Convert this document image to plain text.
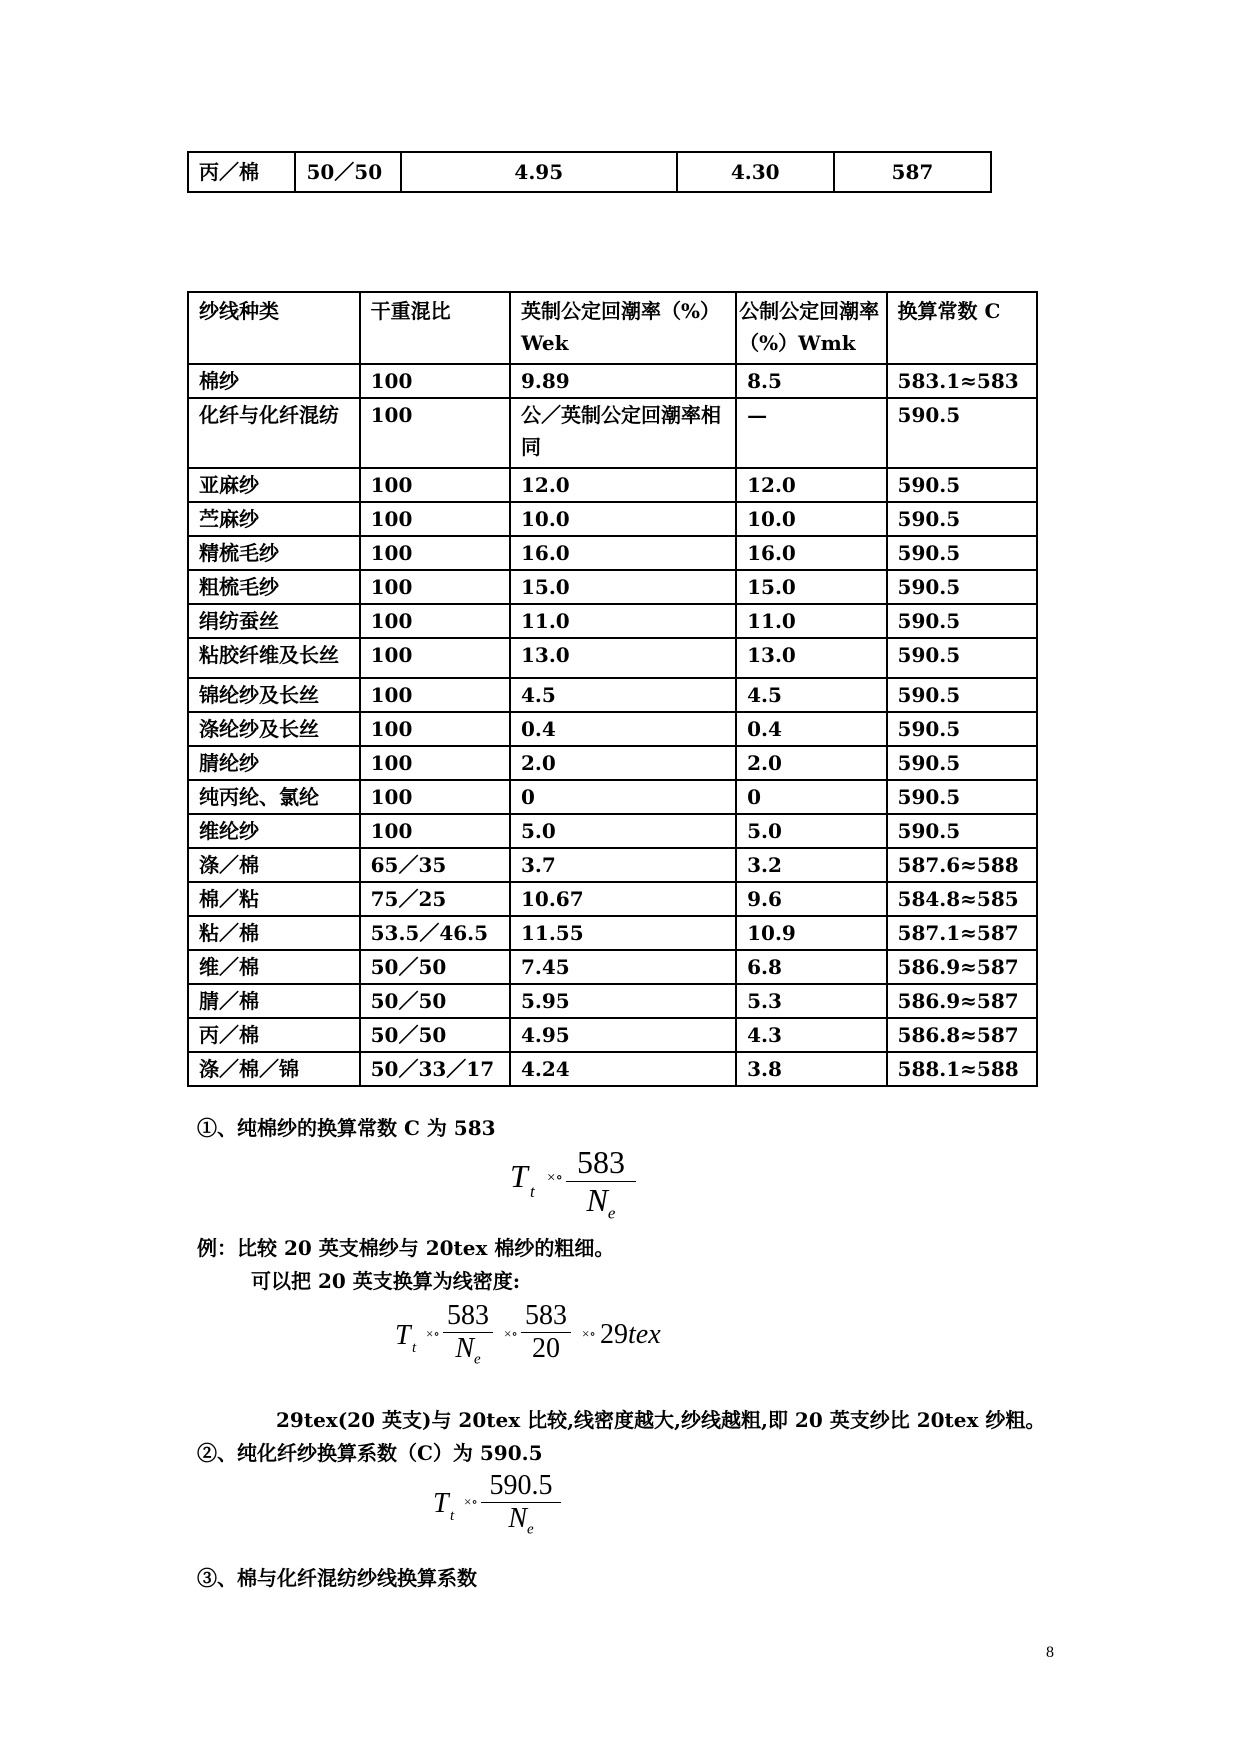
丙／棉	50／50	4.95	4.30	587
纱线种类	干重混比	英制公定回潮率（%）Wek	公制公定回潮率（%）Wmk	换算常数 C
棉纱	100	9.89	8.5	583.1≈583
化纤与化纤混纺	100	公／英制公定回潮率相同	—	590.5
亚麻纱	100	12.0	12.0	590.5
苎麻纱	100	10.0	10.0	590.5
精梳毛纱	100	16.0	16.0	590.5
粗梳毛纱	100	15.0	15.0	590.5
绢纺蚕丝	100	11.0	11.0	590.5
粘胶纤维及长丝	100	13.0	13.0	590.5
锦纶纱及长丝	100	4.5	4.5	590.5
涤纶纱及长丝	100	0.4	0.4	590.5
腈纶纱	100	2.0	2.0	590.5
纯丙纶、氯纶	100	0	0	590.5
维纶纱	100	5.0	5.0	590.5
涤／棉	65／35	3.7	3.2	587.6≈588
棉／粘	75／25	10.67	9.6	584.8≈585
粘／棉	53.5／46.5	11.55	10.9	587.1≈587
维／棉	50／50	7.45	6.8	586.9≈587
腈／棉	50／50	5.95	5.3	586.9≈587
丙／棉	50／50	4.95	4.3	586.8≈587
涤／棉／锦	50／33／17	4.24	3.8	588.1≈588
①、纯棉纱的换算常数 C 为 583
T t
×∘ $\frac{583}{N_e}$
例：比较 20 英支棉纱与 20tex 棉纱的粗细。
可以把 20 英支换算为线密度:
T t
×∘ $\frac{583}{N_e}$ ×∘ $\frac{583}{20}$ ×∘ 29tex
29tex(20 英支)与 20tex 比较,线密度越大,纱线越粗,即 20 英支纱比 20tex 纱粗。
②、纯化纤纱换算系数（C）为 590.5
T t
×∘ $\frac{590.5}{N_e}$
③、棉与化纤混纺纱线换算系数
8
